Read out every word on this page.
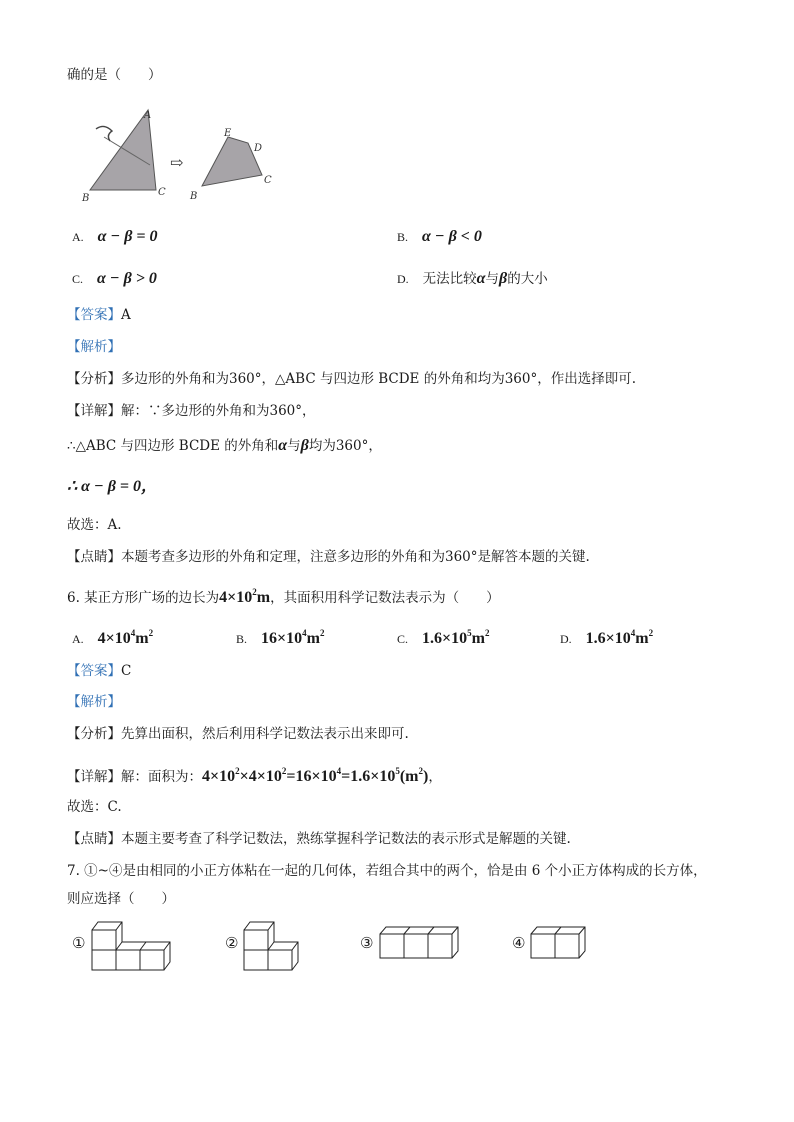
确的是（　　）
A
B
C
⇨
E
D
B
C
A. α − β = 0	B. α − β < 0
C. α − β > 0	D. 无法比较α与β的大小
【答案】A
【解析】
【分析】多边形的外角和为360°，△ABC 与四边形 BCDE 的外角和均为360°，作出选择即可.
【详解】解：∵多边形的外角和为360°，
∴△ABC 与四边形 BCDE 的外角和α与β均为360°，
∴ α − β = 0，
故选：A.
【点睛】本题考查多边形的外角和定理，注意多边形的外角和为360°是解答本题的关键.
6. 某正方形广场的边长为$4\times 10^2m$，其面积用科学记数法表示为（　　）
A. $4\times 10^4m^2$	B. $16\times 10^4m^2$	C. $1.6\times 10^5m^2$	D. $1.6\times 10^4m^2$
【答案】C
【解析】
【分析】先算出面积，然后利用科学记数法表示出来即可.
【详解】解：面积为：$4\times 10^2\times 4\times 10^2=16\times 10^4=1.6\times 10^5(m^2)$，
故选：C.
【点睛】本题主要考查了科学记数法，熟练掌握科学记数法的表示形式是解题的关键.
7. ①~④是由相同的小正方体粘在一起的几何体，若组合其中的两个，恰是由 6 个小正方体构成的长方体，
则应选择（　　）
①	②	③	④
